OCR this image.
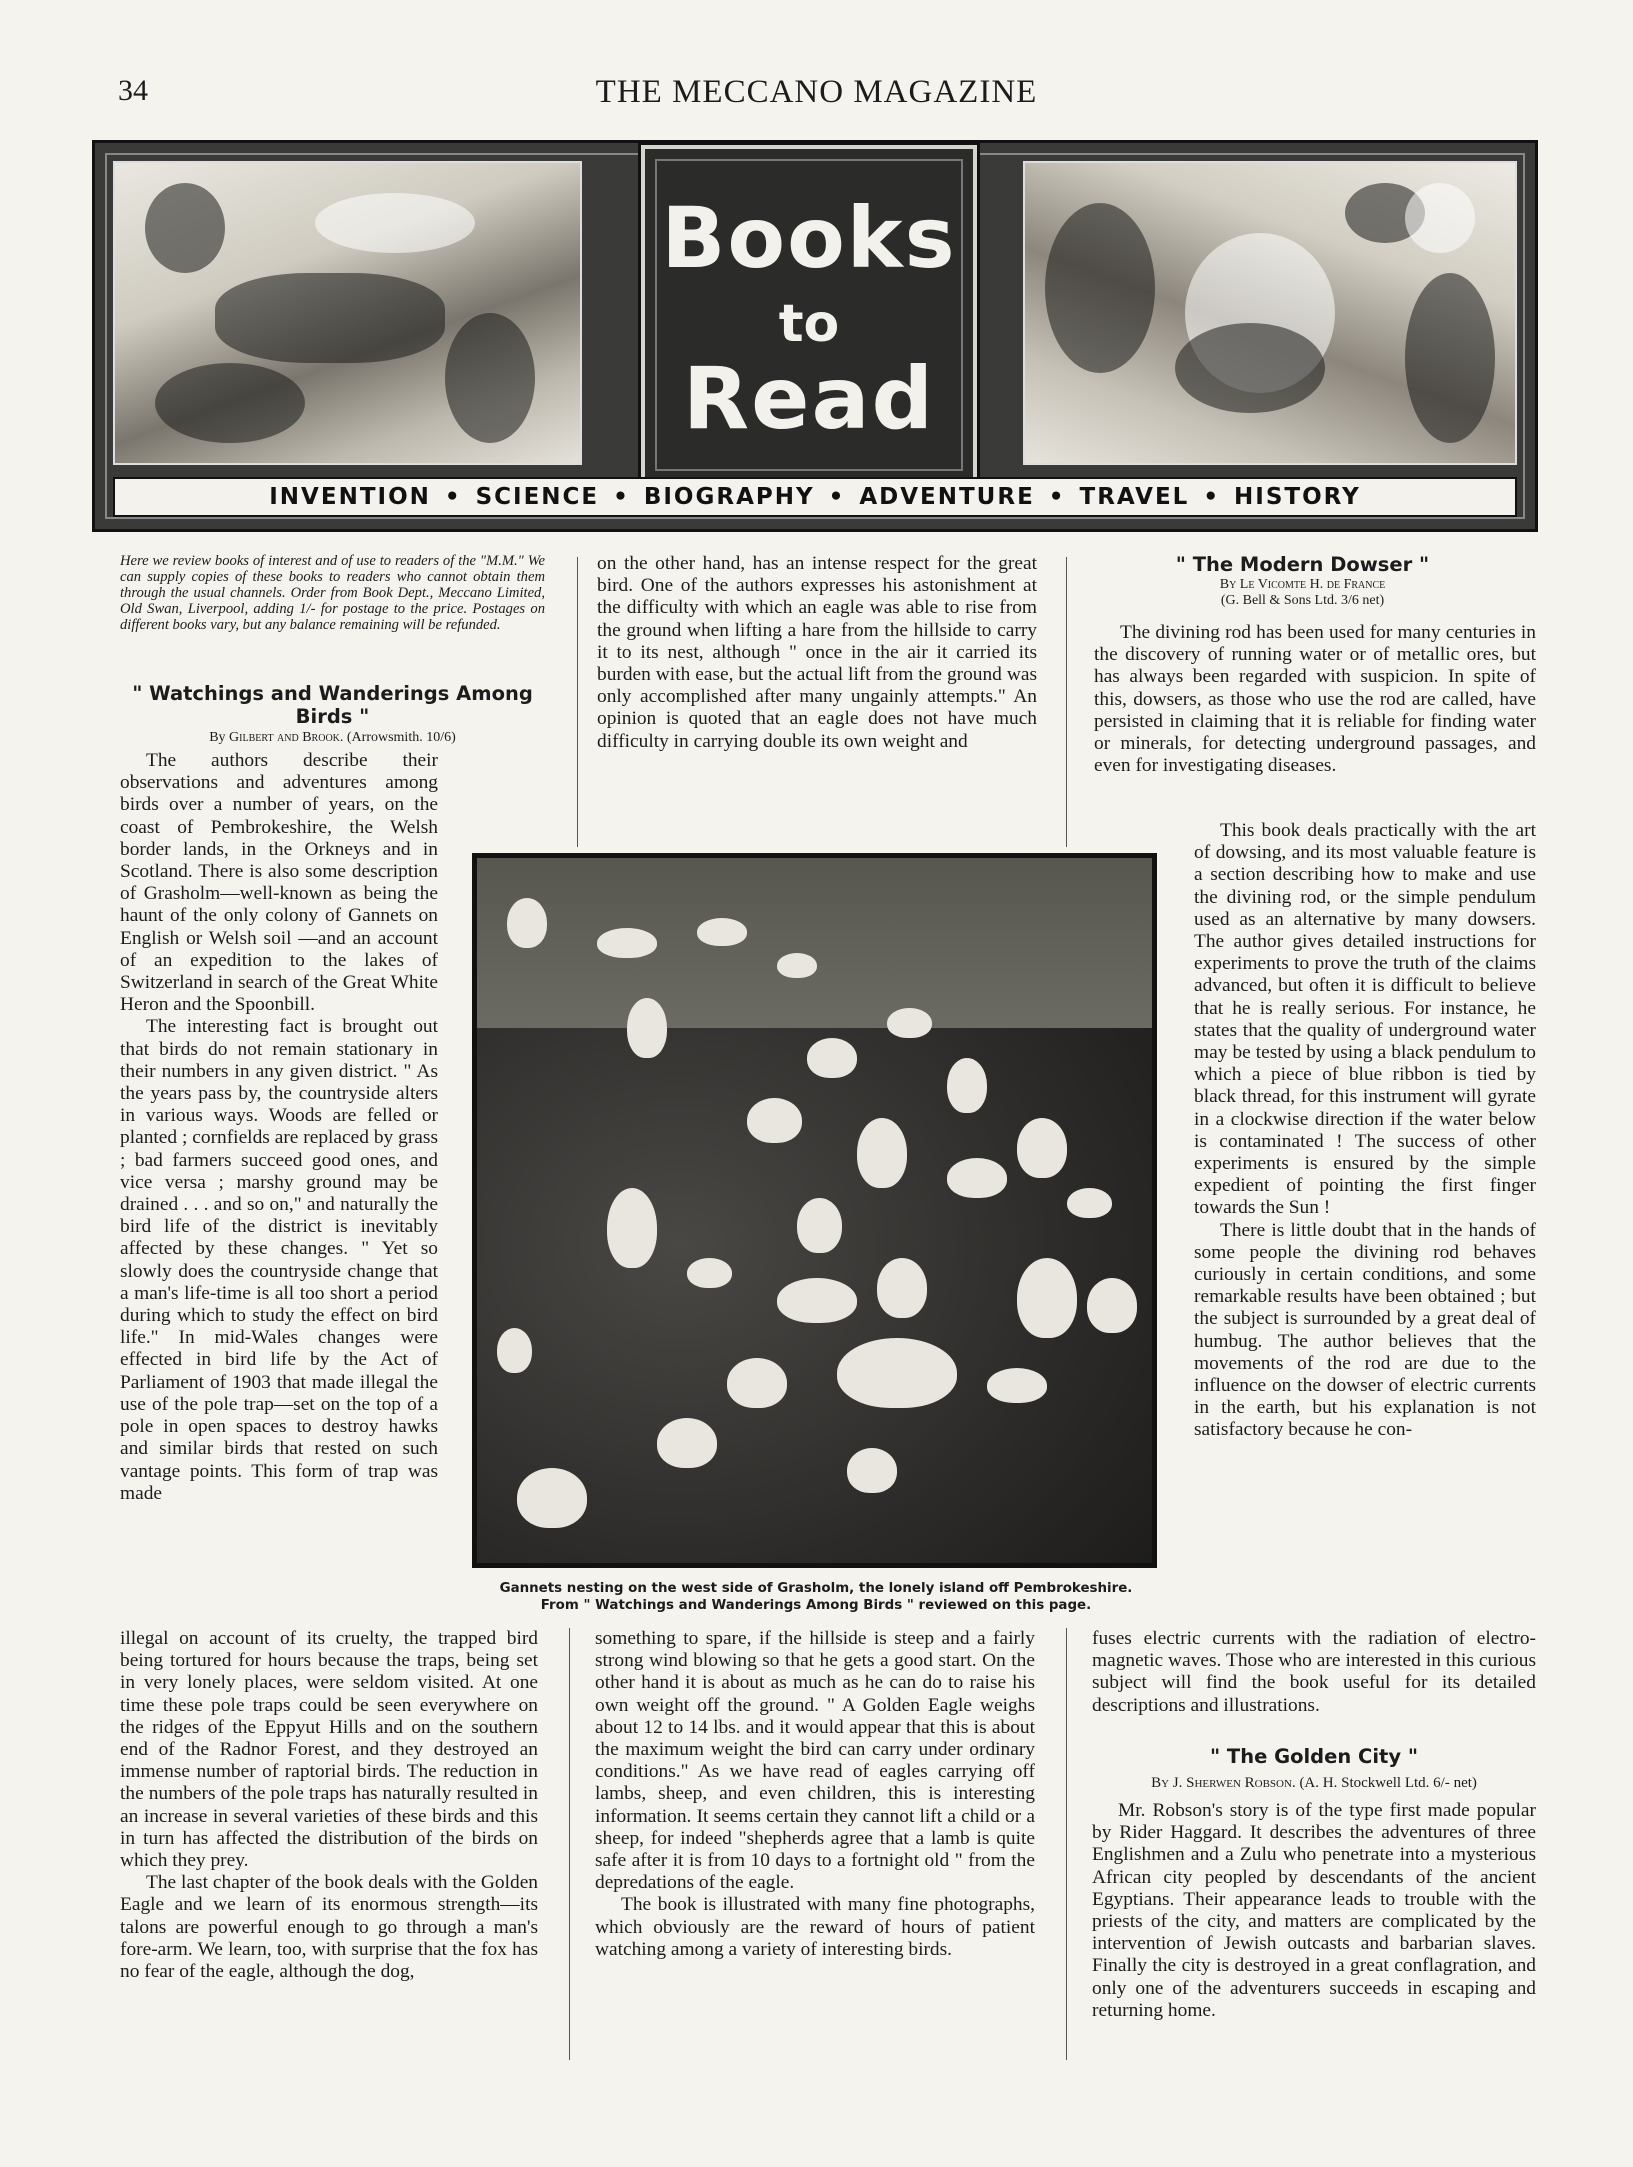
34	THE MECCANO MAGAZINE
Books
to
Read
INVENTION • SCIENCE • BIOGRAPHY • ADVENTURE • TRAVEL • HISTORY
Here we review books of interest and of use to readers of the "M.M." We can supply copies of these books to readers who cannot obtain them through the usual channels. Order from Book Dept., Meccano Limited, Old Swan, Liverpool, adding 1/- for postage to the price. Postages on different books vary, but any balance remaining will be refunded.
" Watchings and Wanderings Among Birds "
By Gilbert and Brook. (Arrowsmith. 10/6)

The authors describe their observations and adventures among birds over a number of years, on the coast of Pembrokeshire, the Welsh border lands, in the Orkneys and in Scotland. There is also some description of Grasholm—well-known as being the haunt of the only colony of Gannets on English or Welsh soil —and an account of an expedition to the lakes of Switzerland in search of the Great White Heron and the Spoonbill.

The interesting fact is brought out that birds do not remain stationary in their numbers in any given district. " As the years pass by, the countryside alters in various ways. Woods are felled or planted ; cornfields are replaced by grass ; bad farmers succeed good ones, and vice versa ; marshy ground may be drained . . . and so on," and naturally the bird life of the district is inevitably affected by these changes. " Yet so slowly does the countryside change that a man's life-time is all too short a period during which to study the effect on bird life." In mid-Wales changes were effected in bird life by the Act of Parliament of 1903 that made illegal the use of the pole trap—set on the top of a pole in open spaces to destroy hawks and similar birds that rested on such vantage points. This form of trap was made

illegal on account of its cruelty, the trapped bird being tortured for hours because the traps, being set in very lonely places, were seldom visited. At one time these pole traps could be seen everywhere on the ridges of the Eppyut Hills and on the southern end of the Radnor Forest, and they destroyed an immense number of raptorial birds. The reduction in the numbers of the pole traps has naturally resulted in an increase in several varieties of these birds and this in turn has affected the distribution of the birds on which they prey.

The last chapter of the book deals with the Golden Eagle and we learn of its enormous strength—its talons are powerful enough to go through a man's fore-arm. We learn, too, with surprise that the fox has no fear of the eagle, although the dog,

on the other hand, has an intense respect for the great bird. One of the authors expresses his astonishment at the difficulty with which an eagle was able to rise from the ground when lifting a hare from the hillside to carry it to its nest, although " once in the air it carried its burden with ease, but the actual lift from the ground was only accomplished after many ungainly attempts." An opinion is quoted that an eagle does not have much difficulty in carrying double its own weight and

something to spare, if the hillside is steep and a fairly strong wind blowing so that he gets a good start. On the other hand it is about as much as he can do to raise his own weight off the ground. " A Golden Eagle weighs about 12 to 14 lbs. and it would appear that this is about the maximum weight the bird can carry under ordinary conditions." As we have read of eagles carrying off lambs, sheep, and even children, this is interesting information. It seems certain they cannot lift a child or a sheep, for indeed "shepherds agree that a lamb is quite safe after it is from 10 days to a fortnight old " from the depredations of the eagle.

The book is illustrated with many fine photographs, which obviously are the reward of hours of patient watching among a variety of interesting birds.

Gannets nesting on the west side of Grasholm, the lonely island off Pembrokeshire.
From " Watchings and Wanderings Among Birds " reviewed on this page.
" The Modern Dowser "
By Le Vicomte H. de France
(G. Bell & Sons Ltd. 3/6 net)

The divining rod has been used for many centuries in the discovery of running water or of metallic ores, but has always been regarded with suspicion. In spite of this, dowsers, as those who use the rod are called, have persisted in claiming that it is reliable for finding water or minerals, for detecting underground passages, and even for investigating diseases.

This book deals practically with the art of dowsing, and its most valuable feature is a section describing how to make and use the divining rod, or the simple pendulum used as an alternative by many dowsers. The author gives detailed instructions for experiments to prove the truth of the claims advanced, but often it is difficult to believe that he is really serious. For instance, he states that the quality of underground water may be tested by using a black pendulum to which a piece of blue ribbon is tied by black thread, for this instrument will gyrate in a clockwise direction if the water below is contaminated ! The success of other experiments is ensured by the simple expedient of pointing the first finger towards the Sun !

There is little doubt that in the hands of some people the divining rod behaves curiously in certain conditions, and some remarkable results have been obtained ; but the subject is surrounded by a great deal of humbug. The author believes that the movements of the rod are due to the influence on the dowser of electric currents in the earth, but his explanation is not satisfactory because he con-

fuses electric currents with the radiation of electro-magnetic waves. Those who are interested in this curious subject will find the book useful for its detailed descriptions and illustrations.

" The Golden City "
By J. Sherwen Robson. (A. H. Stockwell Ltd. 6/- net)

Mr. Robson's story is of the type first made popular by Rider Haggard. It describes the adventures of three Englishmen and a Zulu who penetrate into a mysterious African city peopled by descendants of the ancient Egyptians. Their appearance leads to trouble with the priests of the city, and matters are complicated by the intervention of Jewish outcasts and barbarian slaves. Finally the city is destroyed in a great conflagration, and only one of the adventurers succeeds in escaping and returning home.
